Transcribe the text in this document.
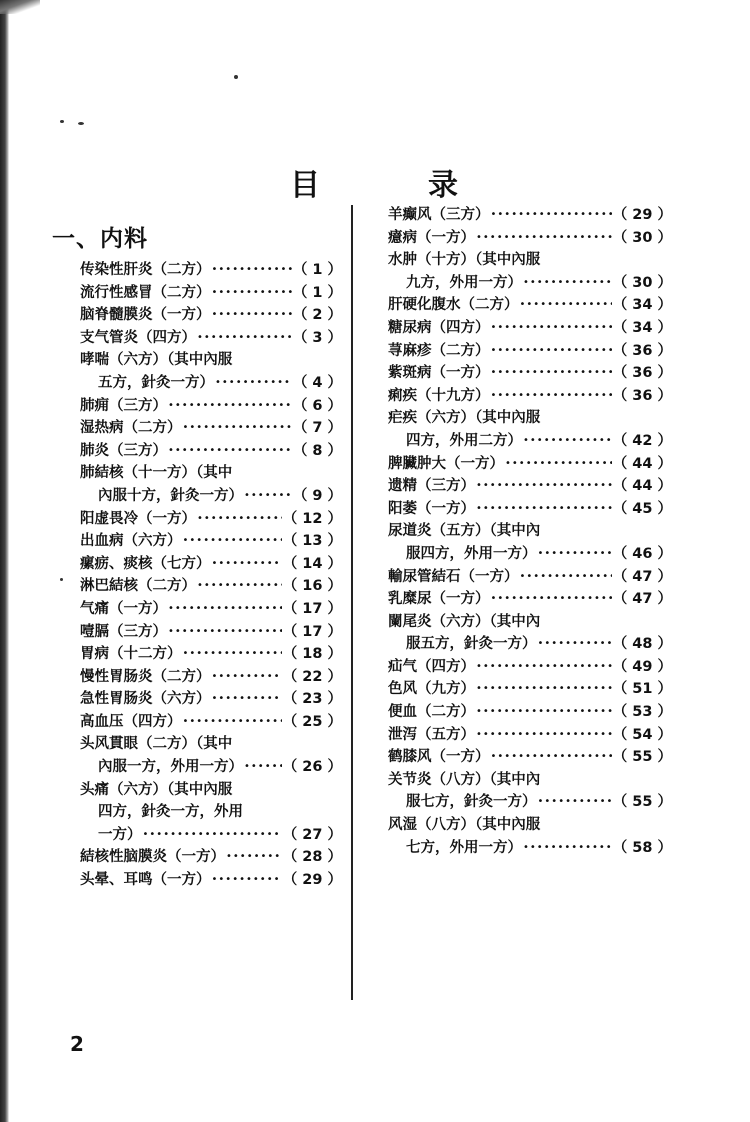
目	录
一、内料
传染性肝炎（二方） •••••	（ 1 ）
流行性感冒（二方） •••••	（ 1 ）
脑脊髓膜炎（一方） •••••	（ 2 ）
支气管炎（四方） •••••	（ 3 ）
哮喘（六方）（其中內服
五方，針灸一方） •••••	（ 4 ）
肺痈（三方） •••••	（ 6 ）
湿热病（二方） •••••	（ 7 ）
肺炎（三方） •••••	（ 8 ）
肺結核（十一方）（其中
內服十方，針灸一方） •••••	（ 9 ）
阳虚畏冷（一方） •••••	（ 12 ）
出血病（六方） •••••	（ 13 ）
瘰疬、痰核（七方） •••••	（ 14 ）
淋巴結核（二方） •••••	（ 16 ）
气痛（一方） •••••	（ 17 ）
噎膈（三方） •••••	（ 17 ）
胃病（十二方） •••••	（ 18 ）
慢性胃肠炎（二方） •••••	（ 22 ）
急性胃肠炎（六方） •••••	（ 23 ）
高血压（四方） •••••	（ 25 ）
头风貫眼（二方）（其中
內服一方，外用一方） •••••	（ 26 ）
头痛（六方）（其中內服
四方，針灸一方，外用
一方） •••••	（ 27 ）
結核性脑膜炎（一方） •••••	（ 28 ）
头晕、耳鸣（一方） •••••	（ 29 ）
羊癫风（三方） •••••	（ 29 ）
癔病（一方） •••••	（ 30 ）
水肿（十方）（其中內服
九方，外用一方） •••••	（ 30 ）
肝硬化腹水（二方） •••••	（ 34 ）
糖尿病（四方） •••••	（ 34 ）
荨麻疹（二方） •••••	（ 36 ）
紫斑病（一方） •••••	（ 36 ）
痢疾（十九方） •••••	（ 36 ）
疟疾（六方）（其中內服
四方，外用二方） •••••	（ 42 ）
脾臟肿大（一方） •••••	（ 44 ）
遗精（三方） •••••	（ 44 ）
阳萎（一方） •••••	（ 45 ）
尿道炎（五方）（其中內
服四方，外用一方） •••••	（ 46 ）
輸尿管結石（一方） •••••	（ 47 ）
乳糜尿（一方） •••••	（ 47 ）
闌尾炎（六方）（其中內
服五方，針灸一方） •••••	（ 48 ）
疝气（四方） •••••	（ 49 ）
色风（九方） •••••	（ 51 ）
便血（二方） •••••	（ 53 ）
泄泻（五方） •••••	（ 54 ）
鹤膝风（一方） •••••	（ 55 ）
关节炎（八方）（其中內
服七方，針灸一方） •••••	（ 55 ）
风湿（八方）（其中內服
七方，外用一方） •••••	（ 58 ）
2
